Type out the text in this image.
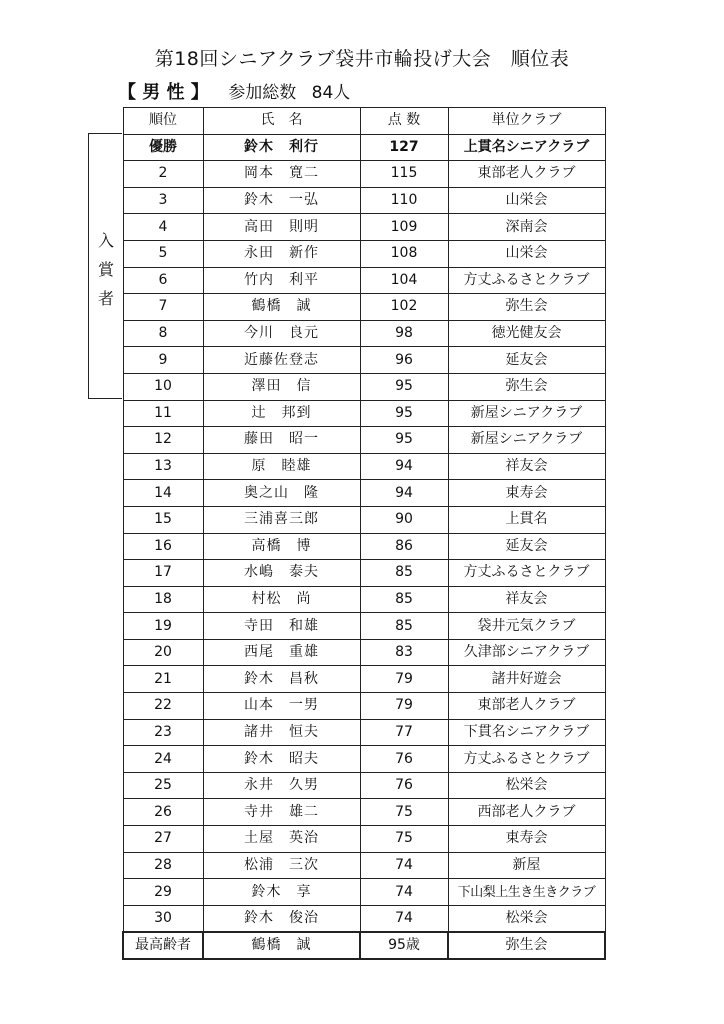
第18回シニアクラブ袋井市輪投げ大会　順位表
【 男 性 】 参加総数 84人
入
賞
者
順位	氏　名	点 数	単位クラブ
優勝	鈴木　利行	127	上貫名シニアクラブ
2	岡本　寛二	115	東部老人クラブ
3	鈴木　一弘	110	山栄会
4	高田　則明	109	深南会
5	永田　新作	108	山栄会
6	竹内　利平	104	方丈ふるさとクラブ
7	鶴橋　誠	102	弥生会
8	今川　良元	98	徳光健友会
9	近藤佐登志	96	延友会
10	澤田　信	95	弥生会
11	辻　邦到	95	新屋シニアクラブ
12	藤田　昭一	95	新屋シニアクラブ
13	原　睦雄	94	祥友会
14	奥之山　隆	94	東寿会
15	三浦喜三郎	90	上貫名
16	高橋　博	86	延友会
17	水嶋　泰夫	85	方丈ふるさとクラブ
18	村松　尚	85	祥友会
19	寺田　和雄	85	袋井元気クラブ
20	西尾　重雄	83	久津部シニアクラブ
21	鈴木　昌秋	79	諸井好遊会
22	山本　一男	79	東部老人クラブ
23	諸井　恒夫	77	下貫名シニアクラブ
24	鈴木　昭夫	76	方丈ふるさとクラブ
25	永井　久男	76	松栄会
26	寺井　雄二	75	西部老人クラブ
27	土屋　英治	75	東寿会
28	松浦　三次	74	新屋
29	鈴木　享	74	下山梨上生き生きクラブ
30	鈴木　俊治	74	松栄会
最高齢者	鶴橋　誠	95歳	弥生会
